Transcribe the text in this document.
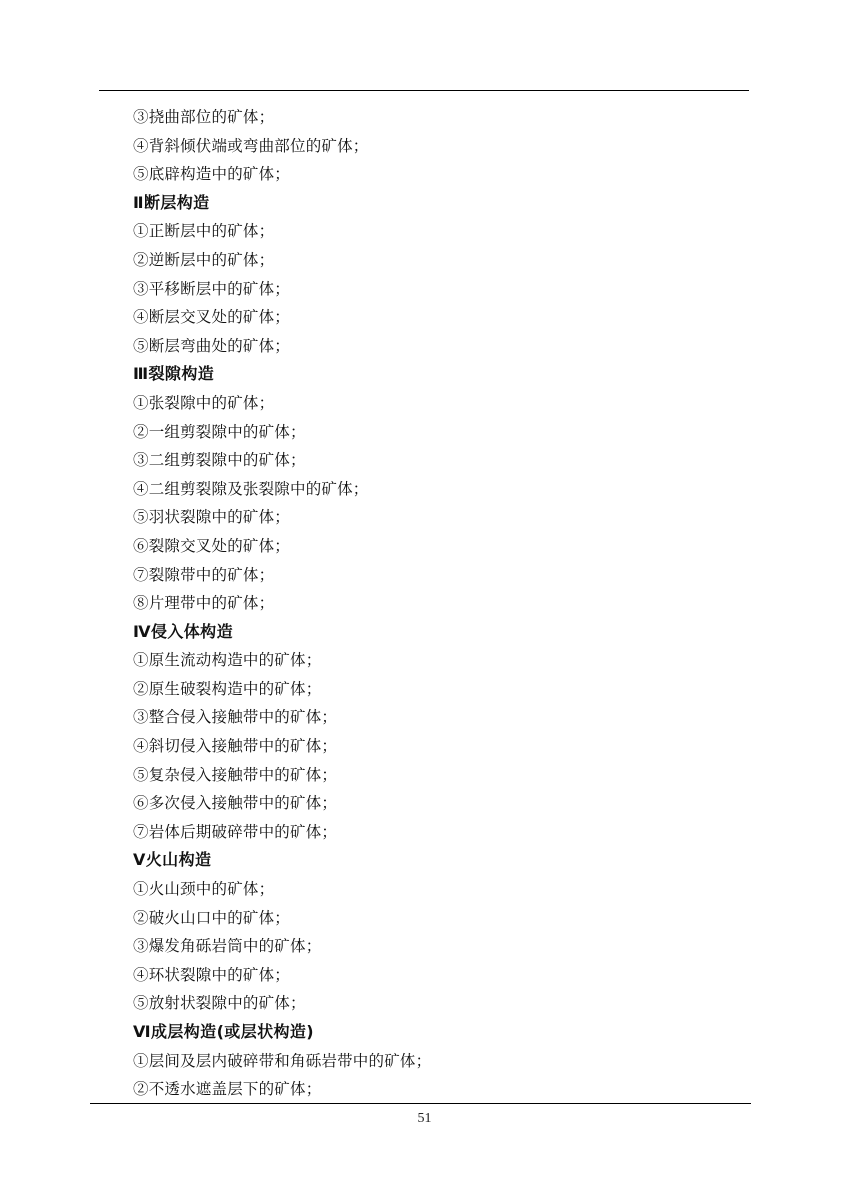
③挠曲部位的矿体；
④背斜倾伏端或弯曲部位的矿体；
⑤底辟构造中的矿体；
Ⅱ断层构造
①正断层中的矿体；
②逆断层中的矿体；
③平移断层中的矿体；
④断层交叉处的矿体；
⑤断层弯曲处的矿体；
Ⅲ裂隙构造
①张裂隙中的矿体；
②一组剪裂隙中的矿体；
③二组剪裂隙中的矿体；
④二组剪裂隙及张裂隙中的矿体；
⑤羽状裂隙中的矿体；
⑥裂隙交叉处的矿体；
⑦裂隙带中的矿体；
⑧片理带中的矿体；
Ⅳ侵入体构造
①原生流动构造中的矿体；
②原生破裂构造中的矿体；
③整合侵入接触带中的矿体；
④斜切侵入接触带中的矿体；
⑤复杂侵入接触带中的矿体；
⑥多次侵入接触带中的矿体；
⑦岩体后期破碎带中的矿体；
Ⅴ火山构造
①火山颈中的矿体；
②破火山口中的矿体；
③爆发角砾岩筒中的矿体；
④环状裂隙中的矿体；
⑤放射状裂隙中的矿体；
Ⅵ成层构造(或层状构造)
①层间及层内破碎带和角砾岩带中的矿体；
②不透水遮盖层下的矿体；
51
